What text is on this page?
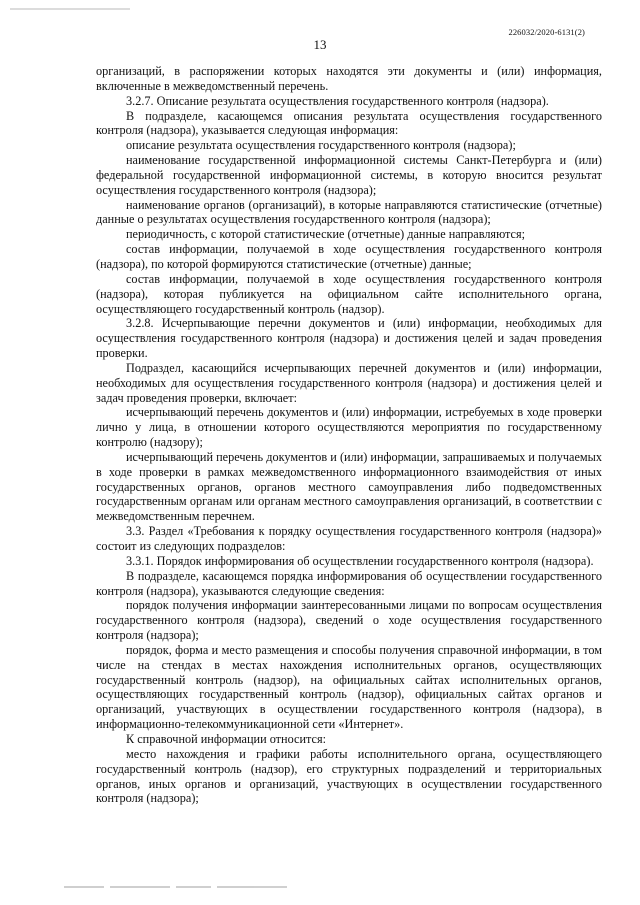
226032/2020-6131(2)
13

организаций, в распоряжении которых находятся эти документы и (или) информация, включенные в межведомственный перечень.

3.2.7. Описание результата осуществления государственного контроля (надзора).

В подразделе, касающемся описания результата осуществления государственного контроля (надзора), указывается следующая информация:

описание результата осуществления государственного контроля (надзора);

наименование государственной информационной системы Санкт-Петербурга и (или) федеральной государственной информационной системы, в которую вносится результат осуществления государственного контроля (надзора);

наименование органов (организаций), в которые направляются статистические (отчетные) данные о результатах осуществления государственного контроля (надзора);

периодичность, с которой статистические (отчетные) данные направляются;

состав информации, получаемой в ходе осуществления государственного контроля (надзора), по которой формируются статистические (отчетные) данные;

состав информации, получаемой в ходе осуществления государственного контроля (надзора), которая публикуется на официальном сайте исполнительного органа, осуществляющего государственный контроль (надзор).

3.2.8. Исчерпывающие перечни документов и (или) информации, необходимых для осуществления государственного контроля (надзора) и достижения целей и задач проведения проверки.

Подраздел, касающийся исчерпывающих перечней документов и (или) информации, необходимых для осуществления государственного контроля (надзора) и достижения целей и задач проведения проверки, включает:

исчерпывающий перечень документов и (или) информации, истребуемых в ходе проверки лично у лица, в отношении которого осуществляются мероприятия по государственному контролю (надзору);

исчерпывающий перечень документов и (или) информации, запрашиваемых и получаемых в ходе проверки в рамках межведомственного информационного взаимодействия от иных государственных органов, органов местного самоуправления либо подведомственных государственным органам или органам местного самоуправления организаций, в соответствии с межведомственным перечнем.

3.3. Раздел «Требования к порядку осуществления государственного контроля (надзора)» состоит из следующих подразделов:

3.3.1. Порядок информирования об осуществлении государственного контроля (надзора).

В подразделе, касающемся порядка информирования об осуществлении государственного контроля (надзора), указываются следующие сведения:

порядок получения информации заинтересованными лицами по вопросам осуществления государственного контроля (надзора), сведений о ходе осуществления государственного контроля (надзора);

порядок, форма и место размещения и способы получения справочной информации, в том числе на стендах в местах нахождения исполнительных органов, осуществляющих государственный контроль (надзор), на официальных сайтах исполнительных органов, осуществляющих государственный контроль (надзор), официальных сайтах органов и организаций, участвующих в осуществлении государственного контроля (надзора), в информационно-телекоммуникационной сети «Интернет».

К справочной информации относится:

место нахождения и графики работы исполнительного органа, осуществляющего государственный контроль (надзор), его структурных подразделений и территориальных органов, иных органов и организаций, участвующих в осуществлении государственного контроля (надзора);
